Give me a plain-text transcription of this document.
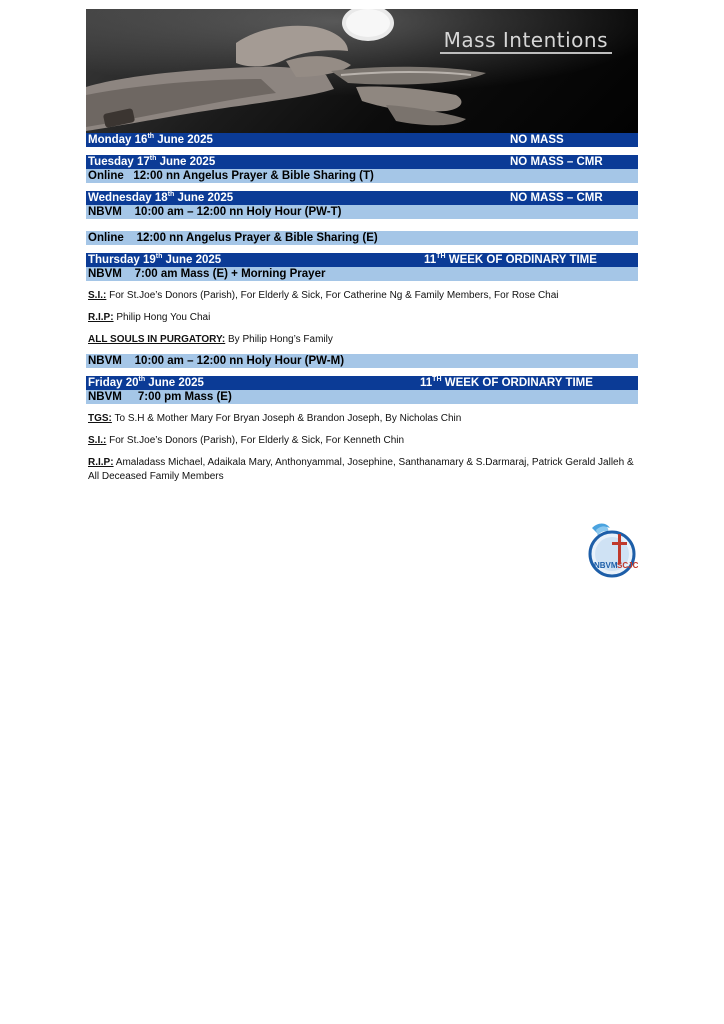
Mass Intentions
Monday 16th June 2025	NO MASS
Tuesday 17th June 2025	NO MASS – CMR
Online 12:00 nn Angelus Prayer & Bible Sharing (T)
Wednesday 18th June 2025	NO MASS – CMR
NBVM 10:00 am – 12:00 nn Holy Hour (PW-T)
Online 12:00 nn Angelus Prayer & Bible Sharing (E)
Thursday 19th June 2025	11TH WEEK OF ORDINARY TIME
NBVM 7:00 am Mass (E) + Morning Prayer
S.I.: For St.Joe’s Donors (Parish), For Elderly & Sick, For Catherine Ng & Family Members, For Rose Chai
R.I.P: Philip Hong You Chai
ALL SOULS IN PURGATORY: By Philip Hong’s Family
NBVM 10:00 am – 12:00 nn Holy Hour (PW-M)
Friday 20th June 2025	11TH WEEK OF ORDINARY TIME
NBVM 7:00 pm Mass (E)
TGS: To S.H & Mother Mary For Bryan Joseph & Brandon Joseph, By Nicholas Chin
S.I.: For St.Joe’s Donors (Parish), For Elderly & Sick, For Kenneth Chin
R.I.P: Amaladass Michael, Adaikala Mary, Anthonyammal, Josephine, Santhanamary & S.Darmaraj, Patrick Gerald Jalleh & All Deceased Family Members
NBVM SCJC
